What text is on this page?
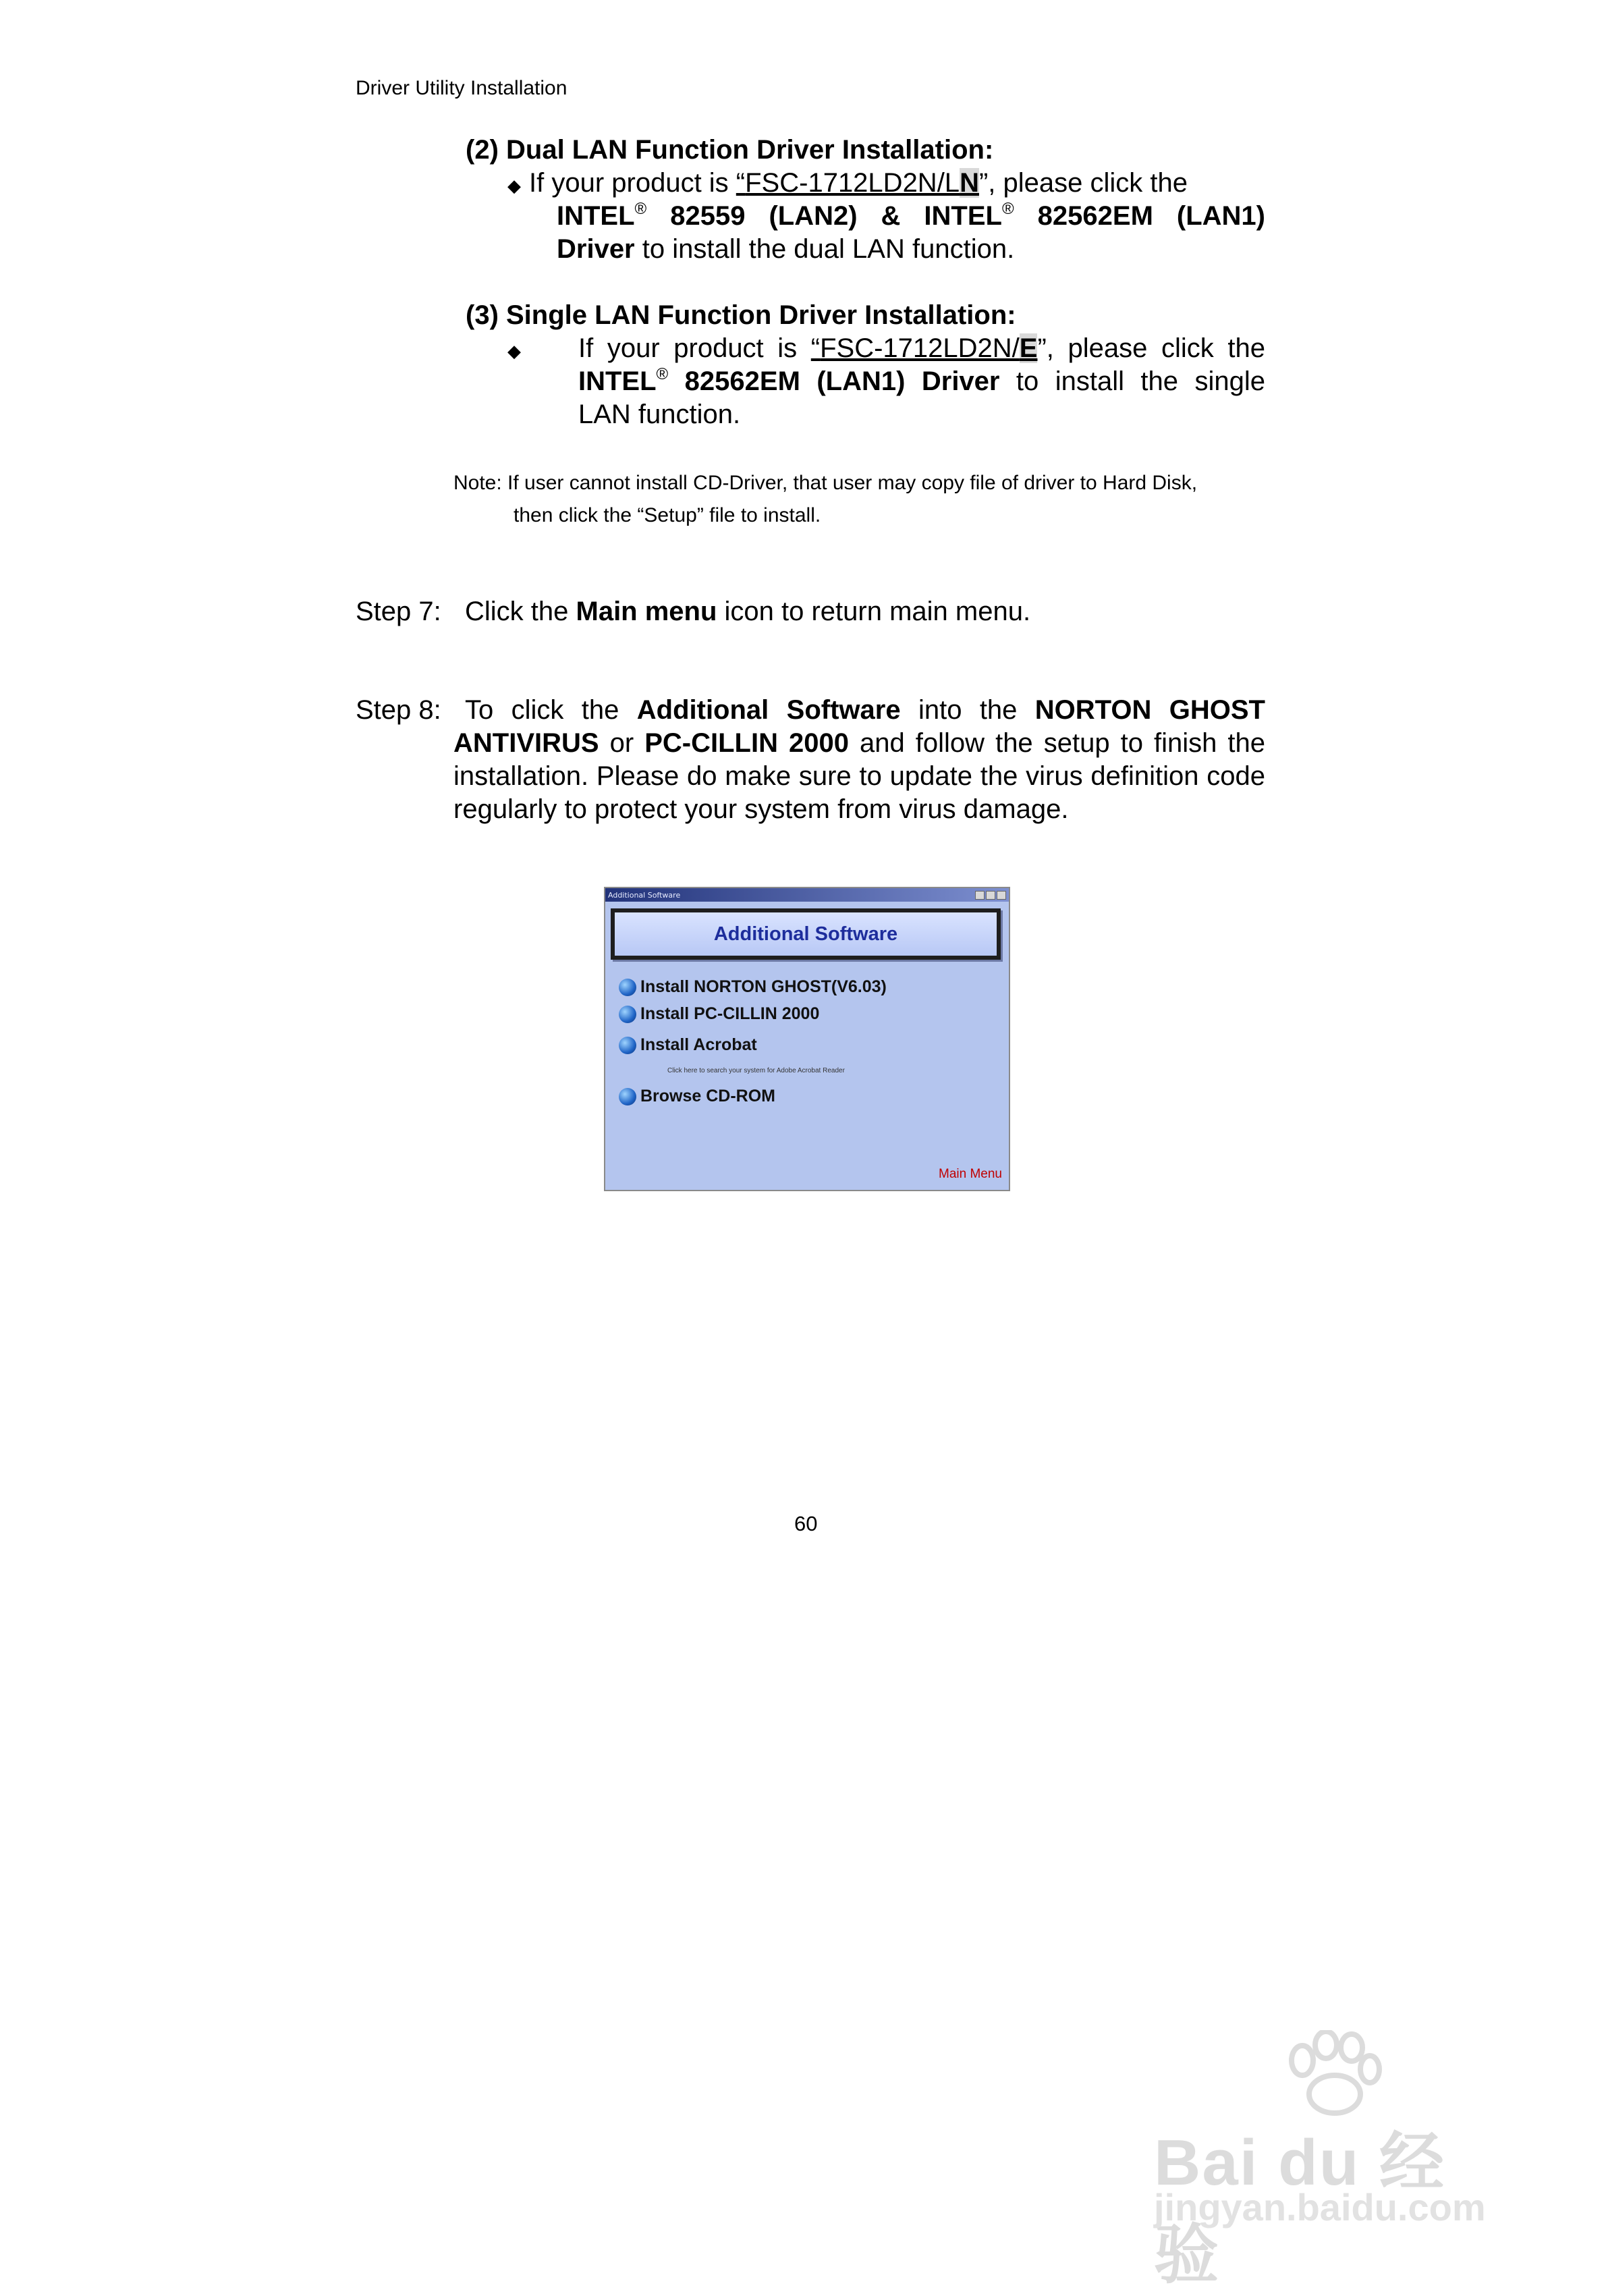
Driver Utility Installation
(2) Dual LAN Function Driver Installation:
◆ If your product is “FSC-1712LD2N/LN”, please click the
INTEL® 82559 (LAN2) & INTEL® 82562EM (LAN1)
Driver to install the dual LAN function.
(3) Single LAN Function Driver Installation:
◆ If your product is “FSC-1712LD2N/E”, please click the
INTEL® 82562EM (LAN1) Driver to install the single
LAN function.
Note: If user cannot install CD-Driver, that user may copy file of driver to Hard Disk,
then click the “Setup” file to install.
Step 7: Click the Main menu icon to return main menu.
Step 8: To click the Additional Software into the NORTON GHOST ANTIVIRUS or PC-CILLIN 2000 and follow the setup to finish the installation. Please do make sure to update the virus definition code regularly to protect your system from virus damage.
Additional Software
Additional Software
Install NORTON GHOST(V6.03)
Install PC-CILLIN 2000
Install Acrobat
Click here to search your system for Adobe Acrobat Reader
Browse CD-ROM
Main Menu
60
Bai du 经验
jingyan.baidu.com
